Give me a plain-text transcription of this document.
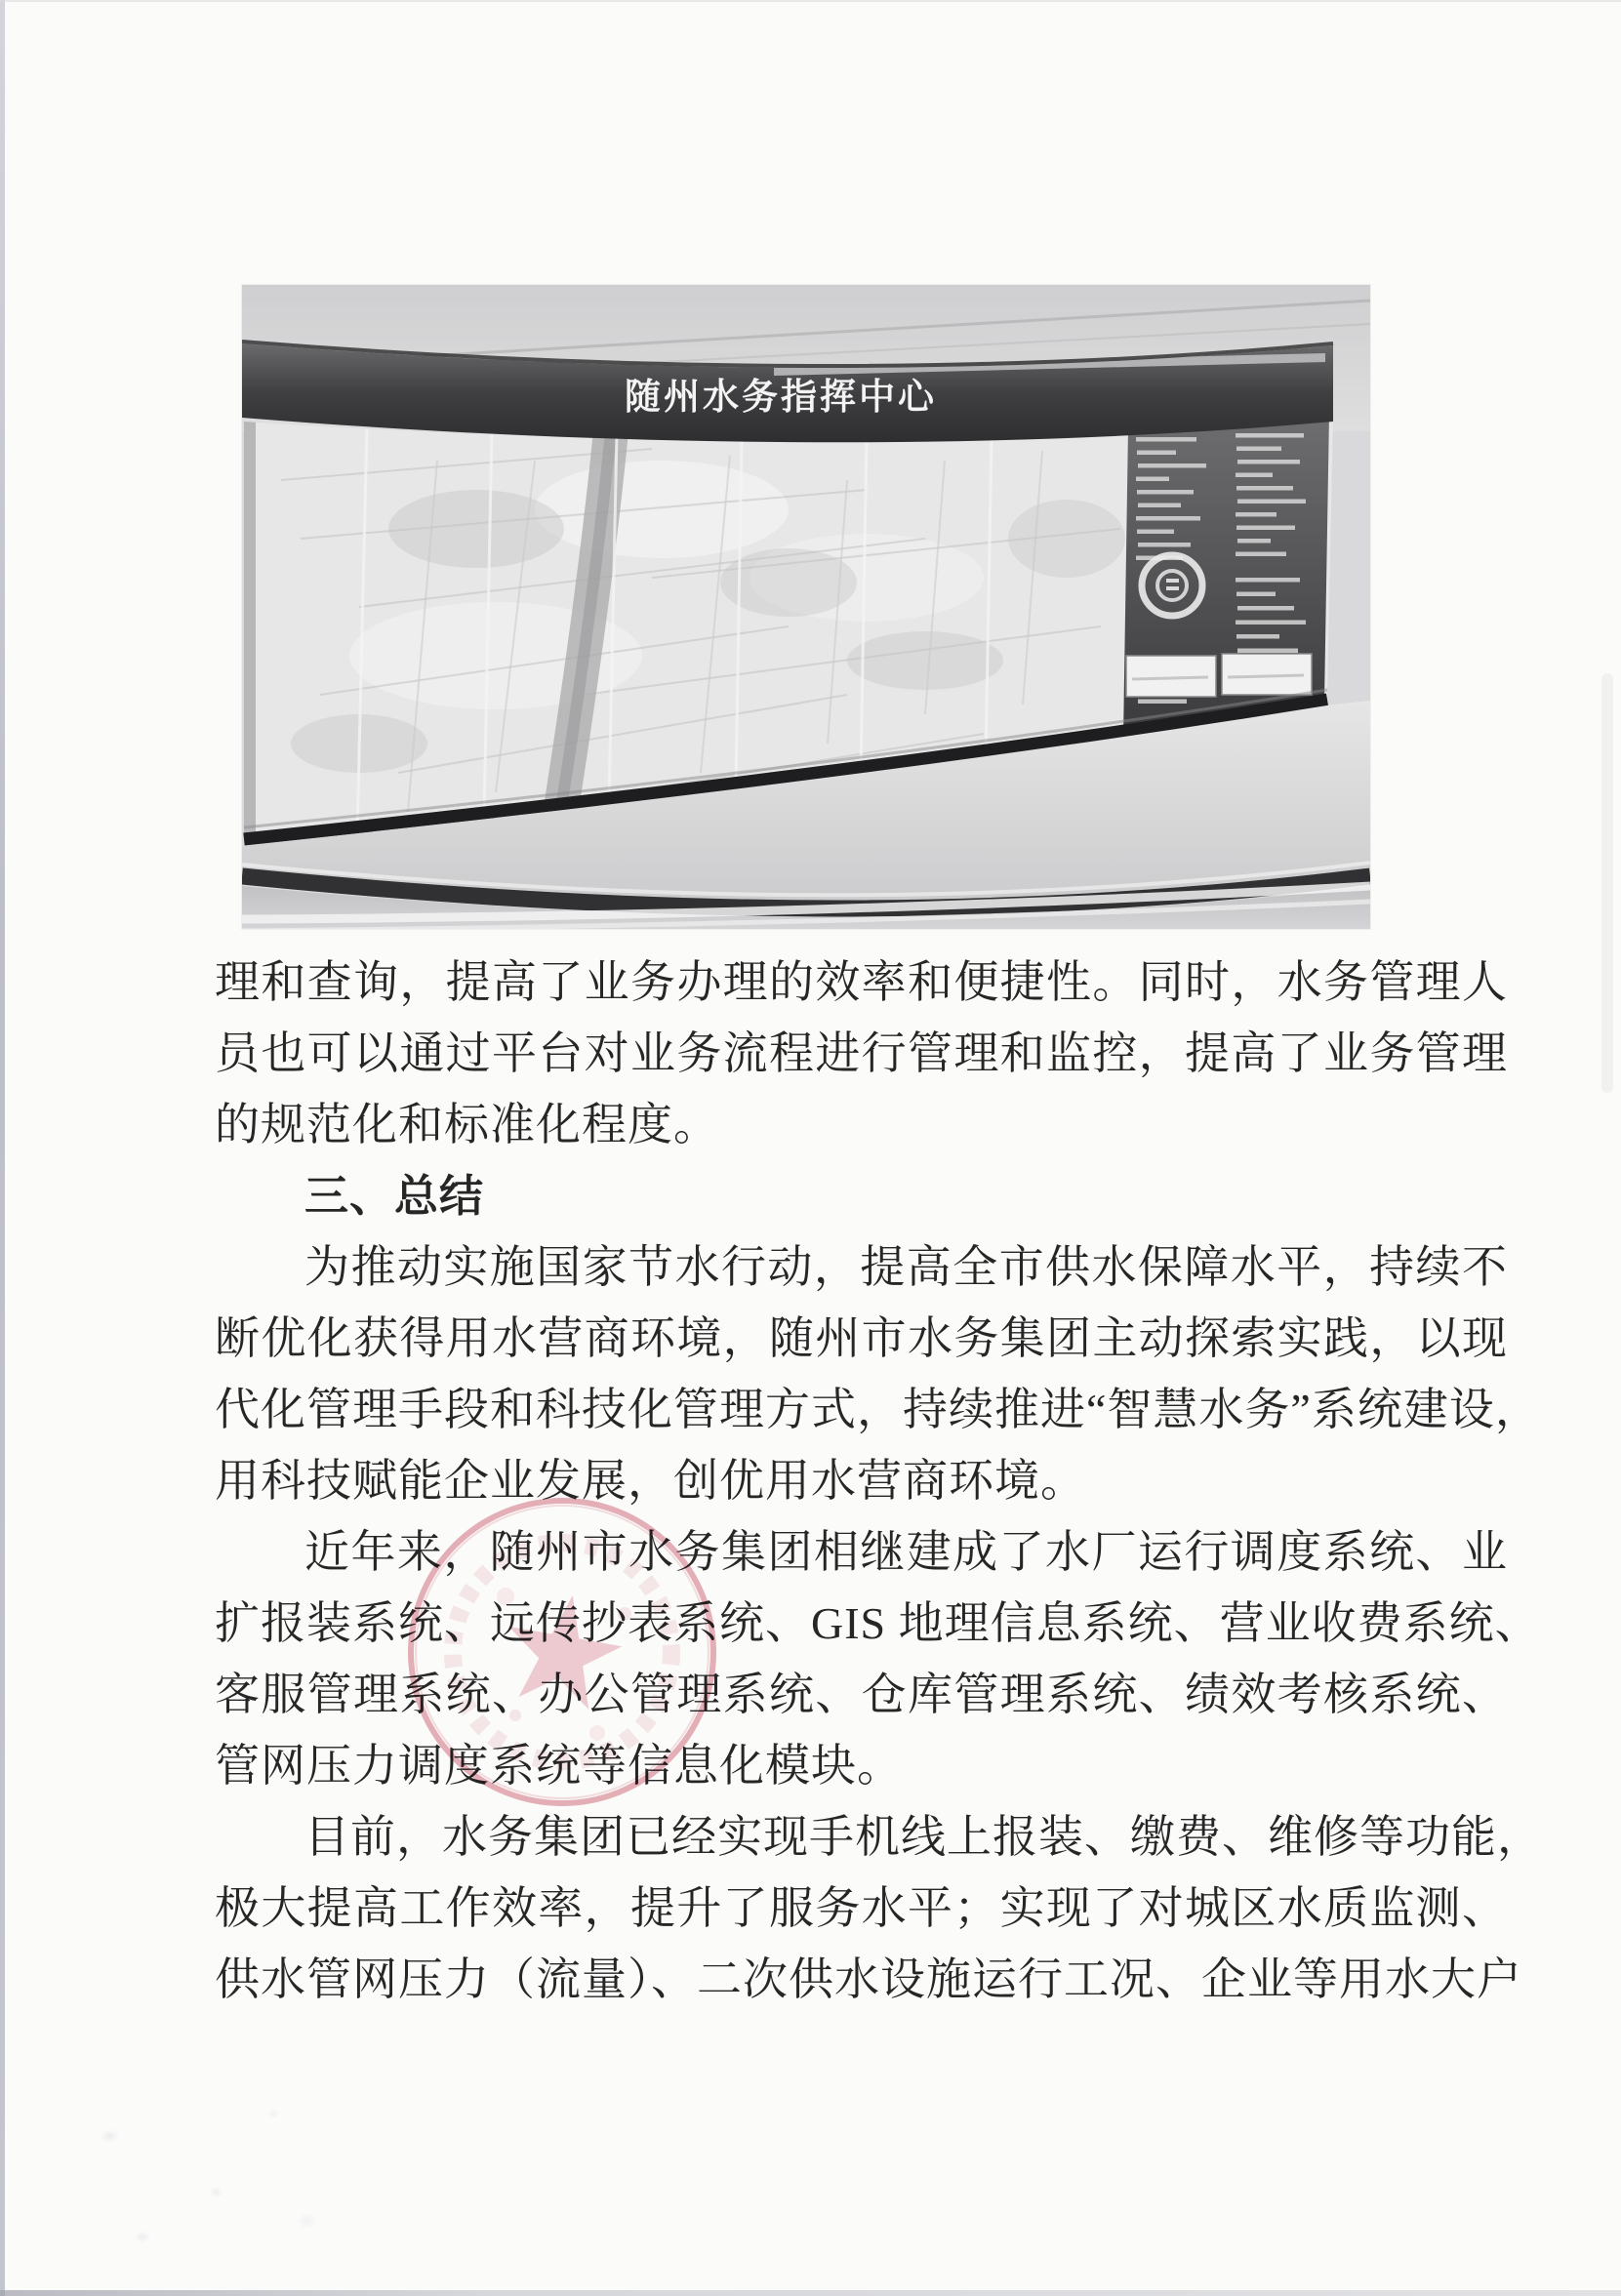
随州水务指挥中心
理和查询，提高了业务办理的效率和便捷性。同时，水务管理人
员也可以通过平台对业务流程进行管理和监控，提高了业务管理
的规范化和标准化程度。
三、总结
为推动实施国家节水行动，提高全市供水保障水平，持续不
断优化获得用水营商环境，随州市水务集团主动探索实践，以现
代化管理手段和科技化管理方式，持续推进“智慧水务”系统建设，
用科技赋能企业发展，创优用水营商环境。
近年来，随州市水务集团相继建成了水厂运行调度系统、业
扩报装系统、远传抄表系统、GIS 地理信息系统、营业收费系统、
客服管理系统、办公管理系统、仓库管理系统、绩效考核系统、
管网压力调度系统等信息化模块。
目前，水务集团已经实现手机线上报装、缴费、维修等功能，
极大提高工作效率，提升了服务水平；实现了对城区水质监测、
供水管网压力（流量）、二次供水设施运行工况、企业等用水大户
